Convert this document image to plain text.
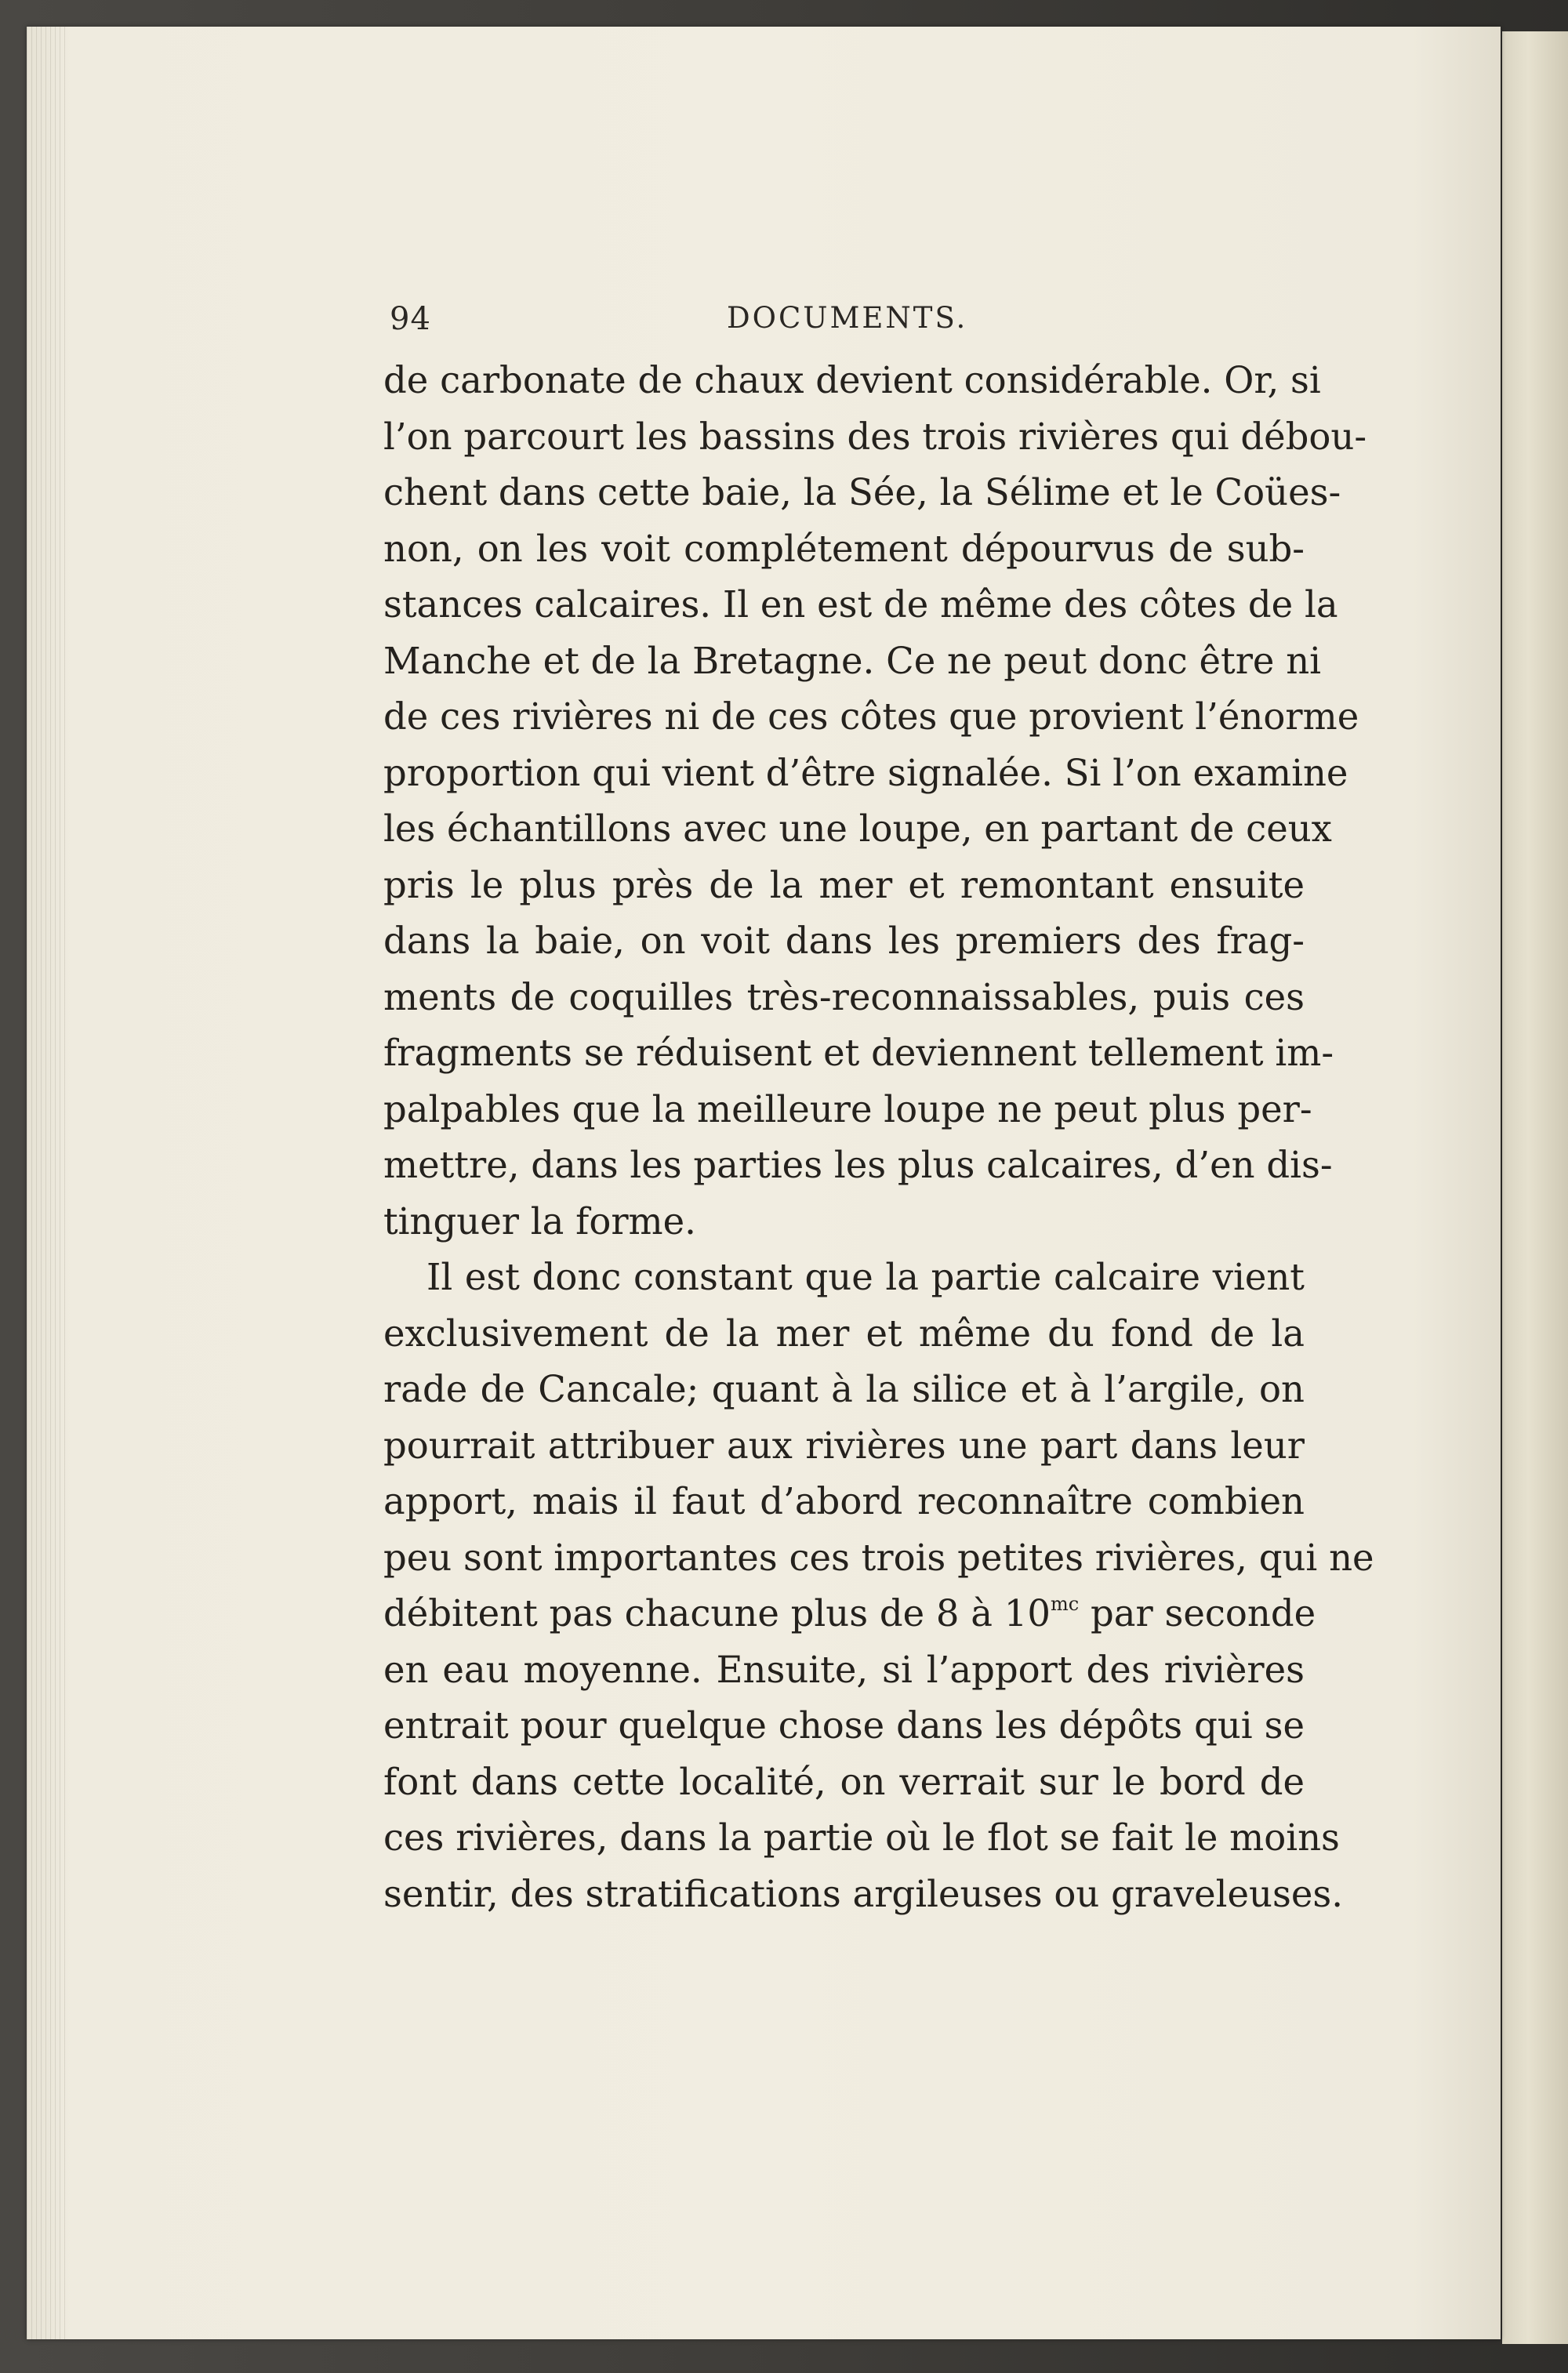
94	DOCUMENTS.
de carbonate de chaux devient considérable. Or, si
l’on parcourt les bassins des trois rivières qui débou-
chent dans cette baie, la Sée, la Sélime et le Coües-
non, on les voit complétement dépourvus de sub-
stances calcaires. Il en est de même des côtes de la
Manche et de la Bretagne. Ce ne peut donc être ni
de ces rivières ni de ces côtes que provient l’énorme
proportion qui vient d’être signalée. Si l’on examine
les échantillons avec une loupe, en partant de ceux
pris le plus près de la mer et remontant ensuite
dans la baie, on voit dans les premiers des frag-
ments de coquilles très-reconnaissables, puis ces
fragments se réduisent et deviennent tellement im-
palpables que la meilleure loupe ne peut plus per-
mettre, dans les parties les plus calcaires, d’en dis-
tinguer la forme.
Il est donc constant que la partie calcaire vient
exclusivement de la mer et même du fond de la
rade de Cancale; quant à la silice et à l’argile, on
pourrait attribuer aux rivières une part dans leur
apport, mais il faut d’abord reconnaître combien
peu sont importantes ces trois petites rivières, qui ne
débitent pas chacune plus de 8 à $10^{mc}$ par seconde
en eau moyenne. Ensuite, si l’apport des rivières
entrait pour quelque chose dans les dépôts qui se
font dans cette localité, on verrait sur le bord de
ces rivières, dans la partie où le flot se fait le moins
sentir, des stratifications argileuses ou graveleuses.
